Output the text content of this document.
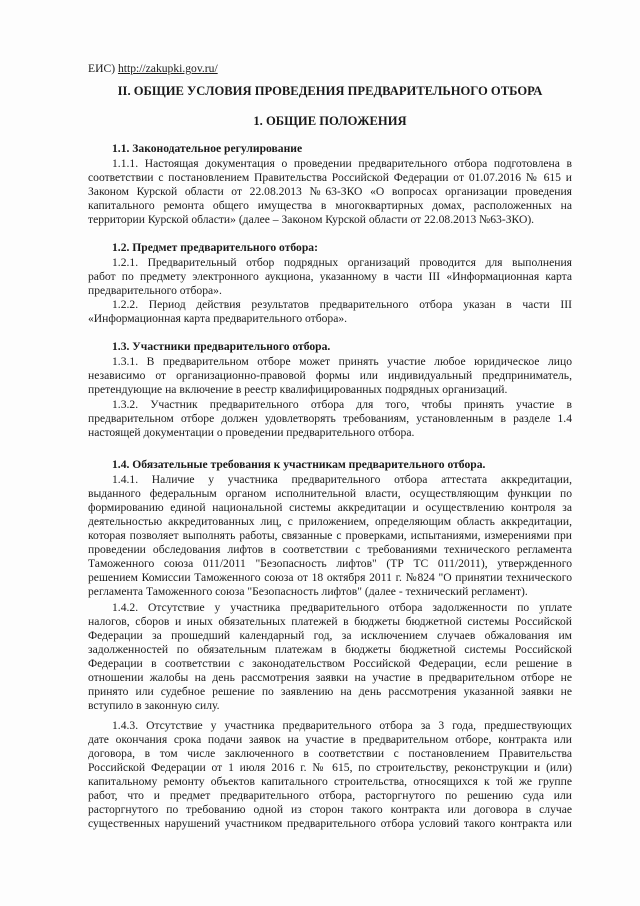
ЕИС) http://zakupki.gov.ru/
II. ОБЩИЕ УСЛОВИЯ ПРОВЕДЕНИЯ ПРЕДВАРИТЕЛЬНОГО ОТБОРА
1. ОБЩИЕ ПОЛОЖЕНИЯ
1.1. Законодательное регулирование
1.1.1. Настоящая документация о проведении предварительного отбора подготовлена в
соответствии с постановлением Правительства Российской Федерации от 01.07.2016 № 615 и
Законом Курской области от 22.08.2013 №63-ЗКО «О вопросах организации проведения
капитального ремонта общего имущества в многоквартирных домах, расположенных на
территории Курской области» (далее – Законом Курской области от 22.08.2013 №63-ЗКО).
1.2. Предмет предварительного отбора:
1.2.1. Предварительный отбор подрядных организаций проводится для выполнения
работ по предмету электронного аукциона, указанному в части III «Информационная карта
предварительного отбора».
1.2.2. Период действия результатов предварительного отбора указан в части III
«Информационная карта предварительного отбора».
1.3. Участники предварительного отбора.
1.3.1. В предварительном отборе может принять участие любое юридическое лицо
независимо от организационно-правовой формы или индивидуальный предприниматель,
претендующие на включение в реестр квалифицированных подрядных организаций.
1.3.2. Участник предварительного отбора для того, чтобы принять участие в
предварительном отборе должен удовлетворять требованиям, установленным в разделе 1.4
настоящей документации о проведении предварительного отбора.
1.4. Обязательные требования к участникам предварительного отбора.
1.4.1. Наличие у участника предварительного отбора аттестата аккредитации,
выданного федеральным органом исполнительной власти, осуществляющим функции по
формированию единой национальной системы аккредитации и осуществлению контроля за
деятельностью аккредитованных лиц, с приложением, определяющим область аккредитации,
которая позволяет выполнять работы, связанные с проверками, испытаниями, измерениями при
проведении обследования лифтов в соответствии с требованиями технического регламента
Таможенного союза 011/2011 "Безопасность лифтов" (ТР ТС 011/2011), утвержденного
решением Комиссии Таможенного союза от 18 октября 2011 г. №824 "О принятии технического
регламента Таможенного союза "Безопасность лифтов" (далее - технический регламент).
1.4.2. Отсутствие у участника предварительного отбора задолженности по уплате
налогов, сборов и иных обязательных платежей в бюджеты бюджетной системы Российской
Федерации за прошедший календарный год, за исключением случаев обжалования им
задолженностей по обязательным платежам в бюджеты бюджетной системы Российской
Федерации в соответствии с законодательством Российской Федерации, если решение в
отношении жалобы на день рассмотрения заявки на участие в предварительном отборе не
принято или судебное решение по заявлению на день рассмотрения указанной заявки не
вступило в законную силу.
1.4.3. Отсутствие у участника предварительного отбора за 3 года, предшествующих
дате окончания срока подачи заявок на участие в предварительном отборе, контракта или
договора, в том числе заключенного в соответствии с постановлением Правительства
Российской Федерации от 1 июля 2016 г. № 615, по строительству, реконструкции и (или)
капитальному ремонту объектов капитального строительства, относящихся к той же группе
работ, что и предмет предварительного отбора, расторгнутого по решению суда или
расторгнутого по требованию одной из сторон такого контракта или договора в случае
существенных нарушений участником предварительного отбора условий такого контракта или
